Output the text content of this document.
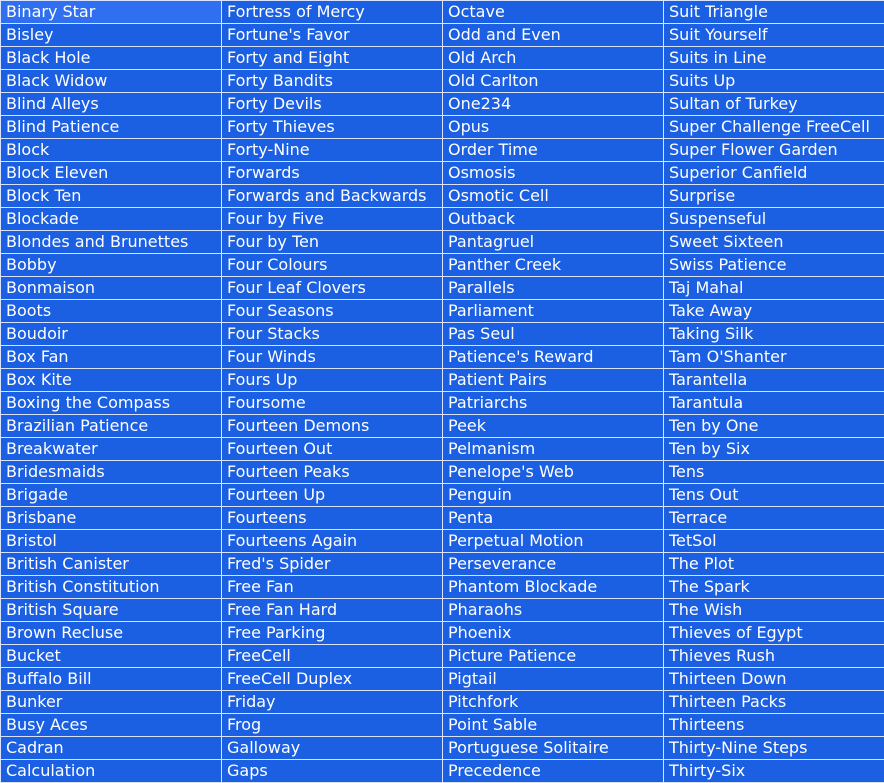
Binary Star	Fortress of Mercy	Octave	Suit Triangle
Bisley	Fortune's Favor	Odd and Even	Suit Yourself
Black Hole	Forty and Eight	Old Arch	Suits in Line
Black Widow	Forty Bandits	Old Carlton	Suits Up
Blind Alleys	Forty Devils	One234	Sultan of Turkey
Blind Patience	Forty Thieves	Opus	Super Challenge FreeCell
Block	Forty-Nine	Order Time	Super Flower Garden
Block Eleven	Forwards	Osmosis	Superior Canfield
Block Ten	Forwards and Backwards	Osmotic Cell	Surprise
Blockade	Four by Five	Outback	Suspenseful
Blondes and Brunettes	Four by Ten	Pantagruel	Sweet Sixteen
Bobby	Four Colours	Panther Creek	Swiss Patience
Bonmaison	Four Leaf Clovers	Parallels	Taj Mahal
Boots	Four Seasons	Parliament	Take Away
Boudoir	Four Stacks	Pas Seul	Taking Silk
Box Fan	Four Winds	Patience's Reward	Tam O'Shanter
Box Kite	Fours Up	Patient Pairs	Tarantella
Boxing the Compass	Foursome	Patriarchs	Tarantula
Brazilian Patience	Fourteen Demons	Peek	Ten by One
Breakwater	Fourteen Out	Pelmanism	Ten by Six
Bridesmaids	Fourteen Peaks	Penelope's Web	Tens
Brigade	Fourteen Up	Penguin	Tens Out
Brisbane	Fourteens	Penta	Terrace
Bristol	Fourteens Again	Perpetual Motion	TetSol
British Canister	Fred's Spider	Perseverance	The Plot
British Constitution	Free Fan	Phantom Blockade	The Spark
British Square	Free Fan Hard	Pharaohs	The Wish
Brown Recluse	Free Parking	Phoenix	Thieves of Egypt
Bucket	FreeCell	Picture Patience	Thieves Rush
Buffalo Bill	FreeCell Duplex	Pigtail	Thirteen Down
Bunker	Friday	Pitchfork	Thirteen Packs
Busy Aces	Frog	Point Sable	Thirteens
Cadran	Galloway	Portuguese Solitaire	Thirty-Nine Steps
Calculation	Gaps	Precedence	Thirty-Six
